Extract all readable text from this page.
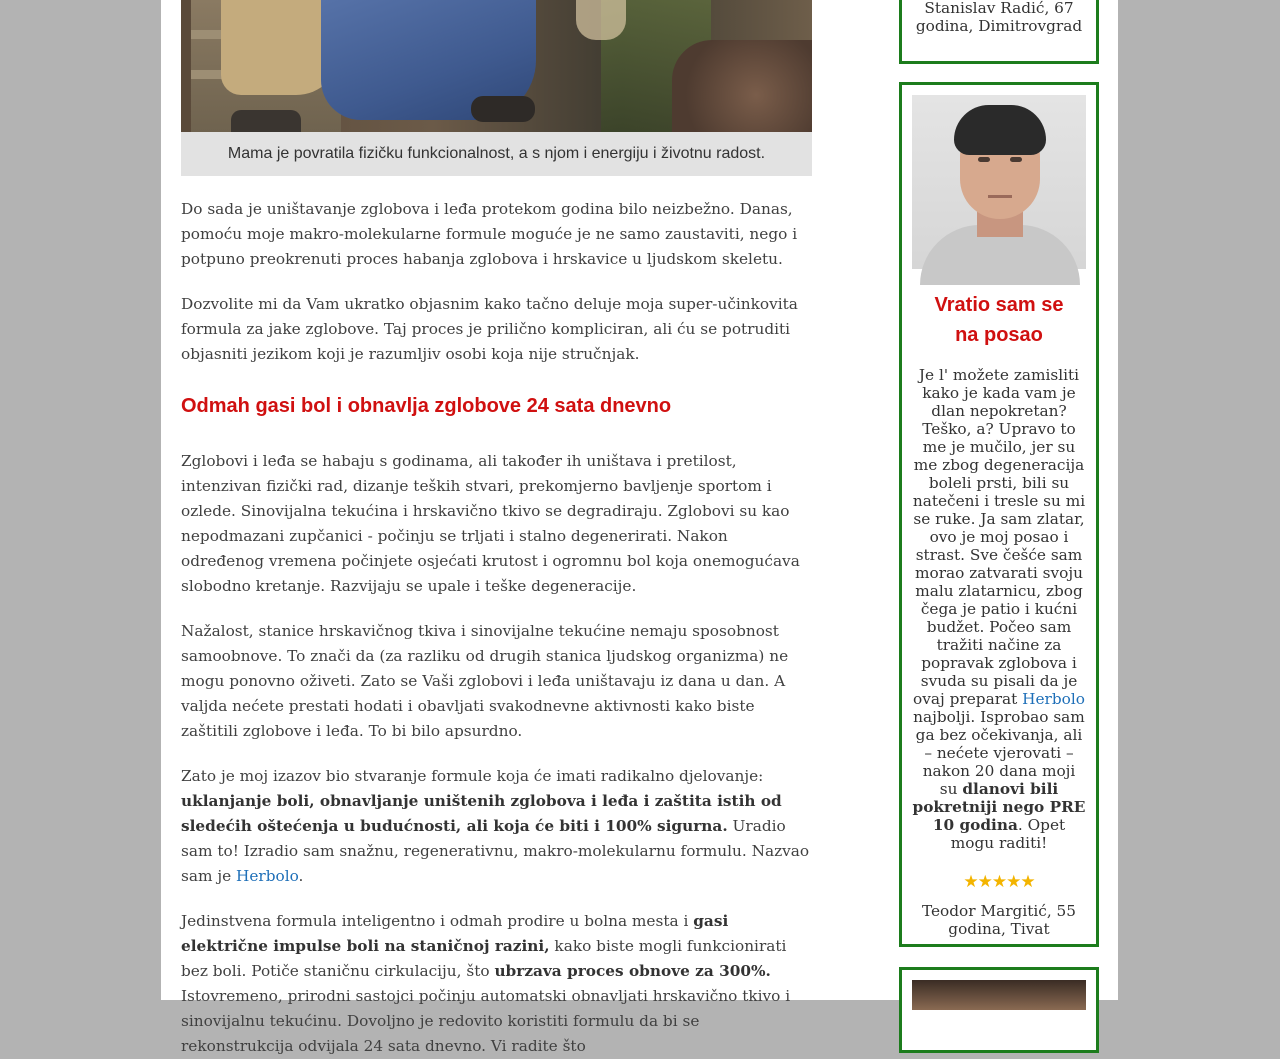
Mama je povratila fizičku funkcionalnost, a s njom i energiju i životnu radost.

Do sada je uništavanje zglobova i leđa protekom godina bilo neizbežno. Danas, pomoću moje makro-molekularne formule moguće je ne samo zaustaviti, nego i potpuno preokrenuti proces habanja zglobova i hrskavice u ljudskom skeletu.

Dozvolite mi da Vam ukratko objasnim kako tačno deluje moja super-učinkovita formula za jake zglobove. Taj proces je prilično kompliciran, ali ću se potruditi objasniti jezikom koji je razumljiv osobi koja nije stručnjak.

Odmah gasi bol i obnavlja zglobove 24 sata dnevno

Zglobovi i leđa se habaju s godinama, ali također ih uništava i pretilost, intenzivan fizički rad, dizanje teških stvari, prekomjerno bavljenje sportom i ozlede. Sinovijalna tekućina i hrskavično tkivo se degradiraju. Zglobovi su kao nepodmazani zupčanici - počinju se trljati i stalno degenerirati. Nakon određenog vremena počinjete osjećati krutost i ogromnu bol koja onemogućava slobodno kretanje. Razvijaju se upale i teške degeneracije.

Nažalost, stanice hrskavičnog tkiva i sinovijalne tekućine nemaju sposobnost samoobnove. To znači da (za razliku od drugih stanica ljudskog organizma) ne mogu ponovno oživeti. Zato se Vaši zglobovi i leđa uništavaju iz dana u dan. A valjda nećete prestati hodati i obavljati svakodnevne aktivnosti kako biste zaštitili zglobove i leđa. To bi bilo apsurdno.

Zato je moj izazov bio stvaranje formule koja će imati radikalno djelovanje: uklanjanje boli, obnavljanje uništenih zglobova i leđa i zaštita istih od sledećih oštećenja u budućnosti, ali koja će biti i 100% sigurna. Uradio sam to! Izradio sam snažnu, regenerativnu, makro-molekularnu formulu. Nazvao sam je Herbolo.

Jedinstvena formula inteligentno i odmah prodire u bolna mesta i gasi električne impulse boli na staničnoj razini, kako biste mogli funkcionirati bez boli. Potiče staničnu cirkulaciju, što ubrzava proces obnove za 300%. Istovremeno, prirodni sastojci počinju automatski obnavljati hrskavično tkivo i sinovijalnu tekućinu. Dovoljno je redovito koristiti formulu da bi se rekonstrukcija odvijala 24 sata dnevno. Vi radite što

Stanislav Radić, 67
godina, Dimitrovgrad
Vratio sam se
na posao
Je l' možete zamisliti kako je kada vam je dlan nepokretan? Teško, a? Upravo to me je mučilo, jer su me zbog degeneracija boleli prsti, bili su natečeni i tresle su mi se ruke. Ja sam zlatar, ovo je moj posao i strast. Sve češće sam morao zatvarati svoju malu zlatarnicu, zbog čega je patio i kućni budžet. Počeo sam tražiti načine za popravak zglobova i svuda su pisali da je ovaj preparat Herbolo najbolji. Isprobao sam ga bez očekivanja, ali – nećete vjerovati – nakon 20 dana moji su dlanovi bili pokretniji nego PRE 10 godina. Opet mogu raditi!
★★★★★
Teodor Margitić, 55
godina, Tivat
